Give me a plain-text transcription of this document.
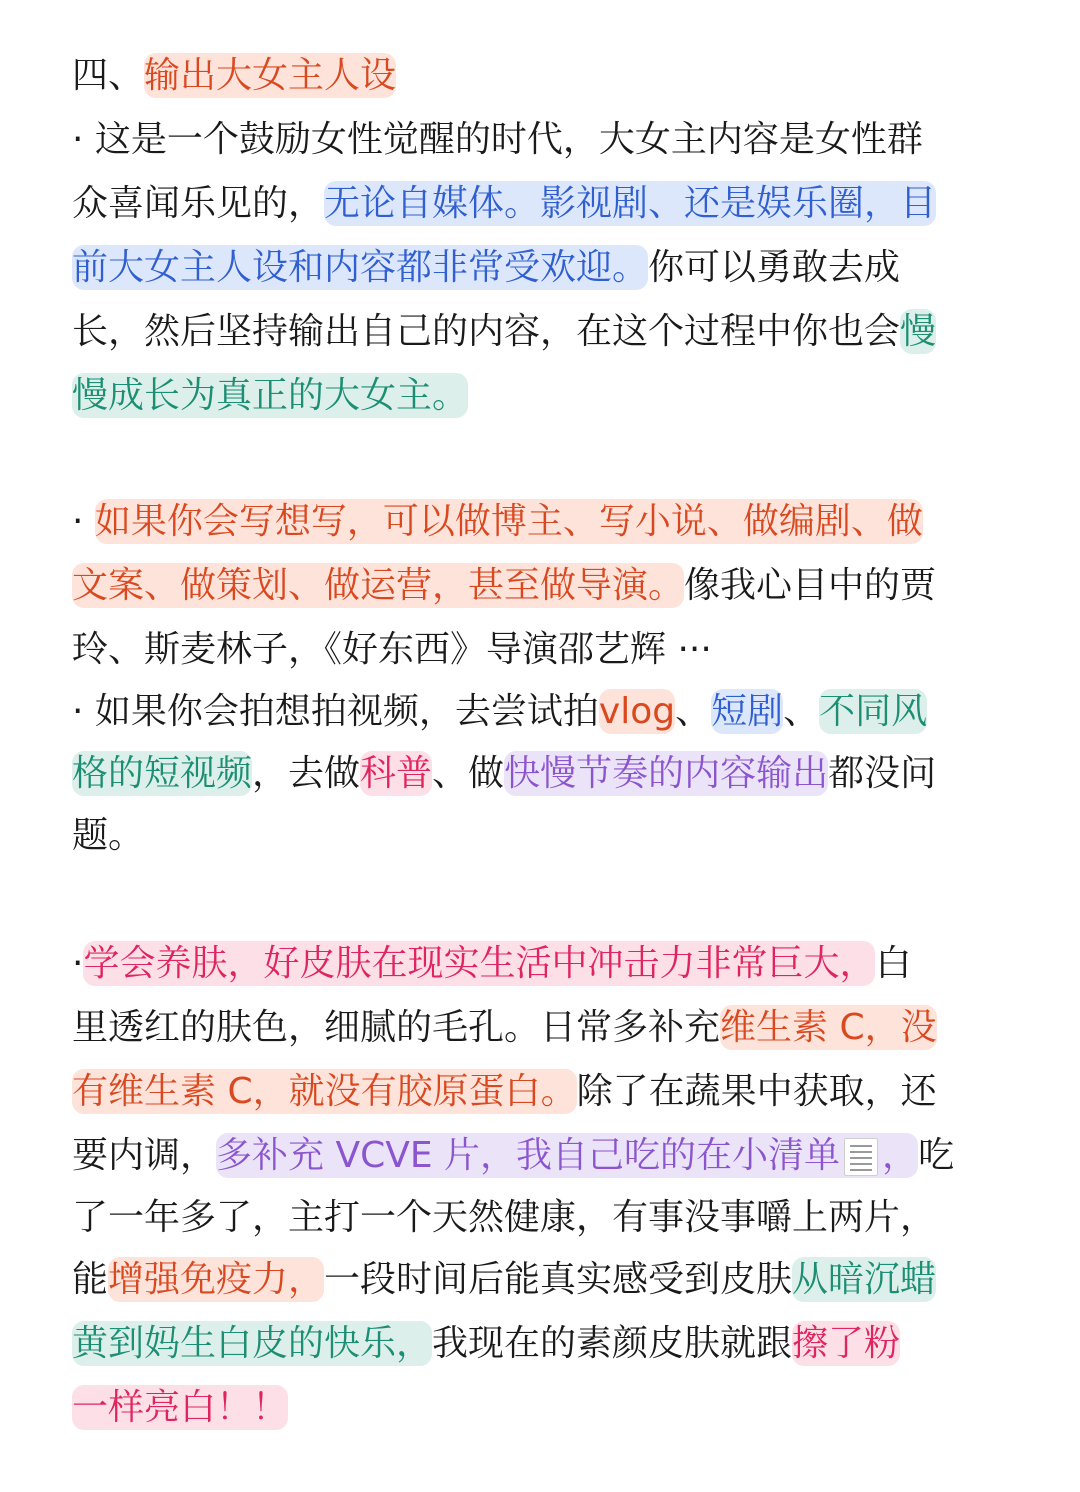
四、输出大女主人设
· 这是一个鼓励女性觉醒的时代，大女主内容是女性群
众喜闻乐见的，无论自媒体。影视剧、还是娱乐圈，目
前大女主人设和内容都非常受欢迎。你可以勇敢去成
长，然后坚持输出自己的内容，在这个过程中你也会慢
慢成长为真正的大女主。
· 如果你会写想写，可以做博主、写小说、做编剧、做
文案、做策划、做运营，甚至做导演。像我心目中的贾
玲、斯麦林子，《好东西》导演邵艺辉 ···
· 如果你会拍想拍视频，去尝试拍vlog、短剧、不同风
格的短视频，去做科普、做快慢节奏的内容输出都没问
题。
·学会养肤，好皮肤在现实生活中冲击力非常巨大，白
里透红的肤色，细腻的毛孔。日常多补充维生素 C，没
有维生素 C，就没有胶原蛋白。除了在蔬果中获取，还
要内调，多补充 VCVE 片，我自己吃的在小清单 ，吃
了一年多了，主打一个天然健康，有事没事嚼上两片，
能增强免疫力，一段时间后能真实感受到皮肤从暗沉蜡
黄到妈生白皮的快乐，我现在的素颜皮肤就跟擦了粉
一样亮白！！
